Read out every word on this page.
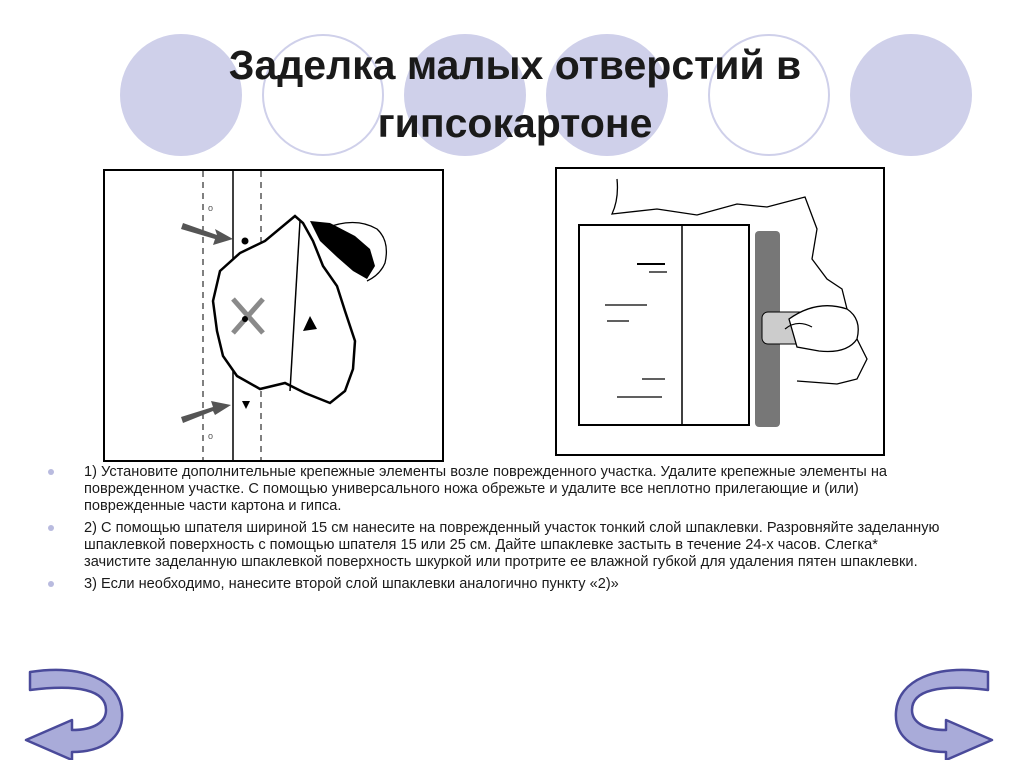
Заделка малых отверстий в гипсокартоне
o
o
1) Установите дополнительные крепежные элементы возле поврежденного участка. Удалите крепежные элементы на поврежденном участке. С помощью универсального ножа обрежьте и удалите все неплотно прилегающие и (или) поврежденные части картона и гипса.
2) С помощью шпателя шириной 15 см нанесите на поврежденный участок тонкий слой шпаклевки. Разровняйте заделанную шпаклевкой поверхность с помощью шпателя 15 или 25 см. Дайте шпаклевке застыть в течение 24-х часов. Слегка* зачистите заделанную шпаклевкой поверхность шкуркой или протрите ее влажной губкой для удаления пятен шпаклевки.
3) Если необходимо, нанесите второй слой шпаклевки аналогично пункту «2)»
